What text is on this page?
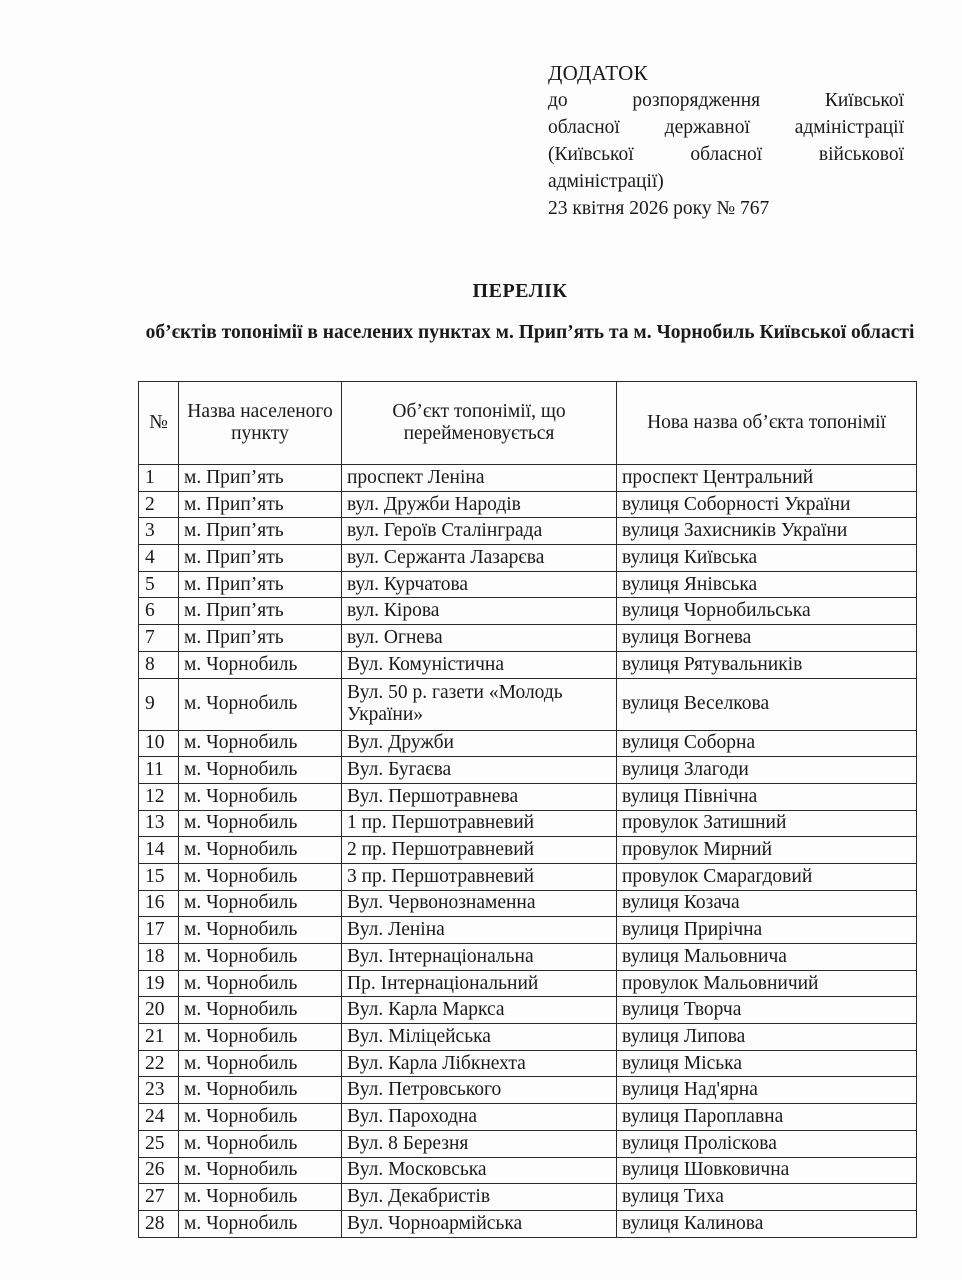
ДОДАТОК
до розпорядження Київської
обласної державної адміністрації
(Київської обласної військової
адміністрації)
23 квітня 2026 року № 767
ПЕРЕЛІК
об’єктів топонімії в населених пунктах м. Прип’ять та м. Чорнобиль Київської області
№	Назва населеного пункту	Об’єкт топонімії, що перейменовується	Нова назва об’єкта топонімії
1	м. Прип’ять	проспект Леніна	проспект Центральний
2	м. Прип’ять	вул. Дружби Народів	вулиця Соборності України
3	м. Прип’ять	вул. Героїв Сталінграда	вулиця Захисників України
4	м. Прип’ять	вул. Сержанта Лазарєва	вулиця Київська
5	м. Прип’ять	вул. Курчатова	вулиця Янівська
6	м. Прип’ять	вул. Кірова	вулиця Чорнобильська
7	м. Прип’ять	вул. Огнева	вулиця Вогнева
8	м. Чорнобиль	Вул. Комуністична	вулиця Рятувальників
9	м. Чорнобиль	Вул. 50 р. газети «Молодь України»	вулиця Веселкова
10	м. Чорнобиль	Вул. Дружби	вулиця Соборна
11	м. Чорнобиль	Вул. Бугаєва	вулиця Злагоди
12	м. Чорнобиль	Вул. Першотравнева	вулиця Північна
13	м. Чорнобиль	1 пр. Першотравневий	провулок Затишний
14	м. Чорнобиль	2 пр. Першотравневий	провулок Мирний
15	м. Чорнобиль	3 пр. Першотравневий	провулок Смарагдовий
16	м. Чорнобиль	Вул. Червонознаменна	вулиця Козача
17	м. Чорнобиль	Вул. Леніна	вулиця Прирічна
18	м. Чорнобиль	Вул. Інтернаціональна	вулиця Мальовнича
19	м. Чорнобиль	Пр. Інтернаціональний	провулок Мальовничий
20	м. Чорнобиль	Вул. Карла Маркса	вулиця Творча
21	м. Чорнобиль	Вул. Міліцейська	вулиця Липова
22	м. Чорнобиль	Вул. Карла Лібкнехта	вулиця Міська
23	м. Чорнобиль	Вул. Петровського	вулиця Над'ярна
24	м. Чорнобиль	Вул. Пароходна	вулиця Пароплавна
25	м. Чорнобиль	Вул. 8 Березня	вулиця Пролiскова
26	м. Чорнобиль	Вул. Московська	вулиця Шовковична
27	м. Чорнобиль	Вул. Декабристів	вулиця Тиха
28	м. Чорнобиль	Вул. Чорноармійська	вулиця Калинова
